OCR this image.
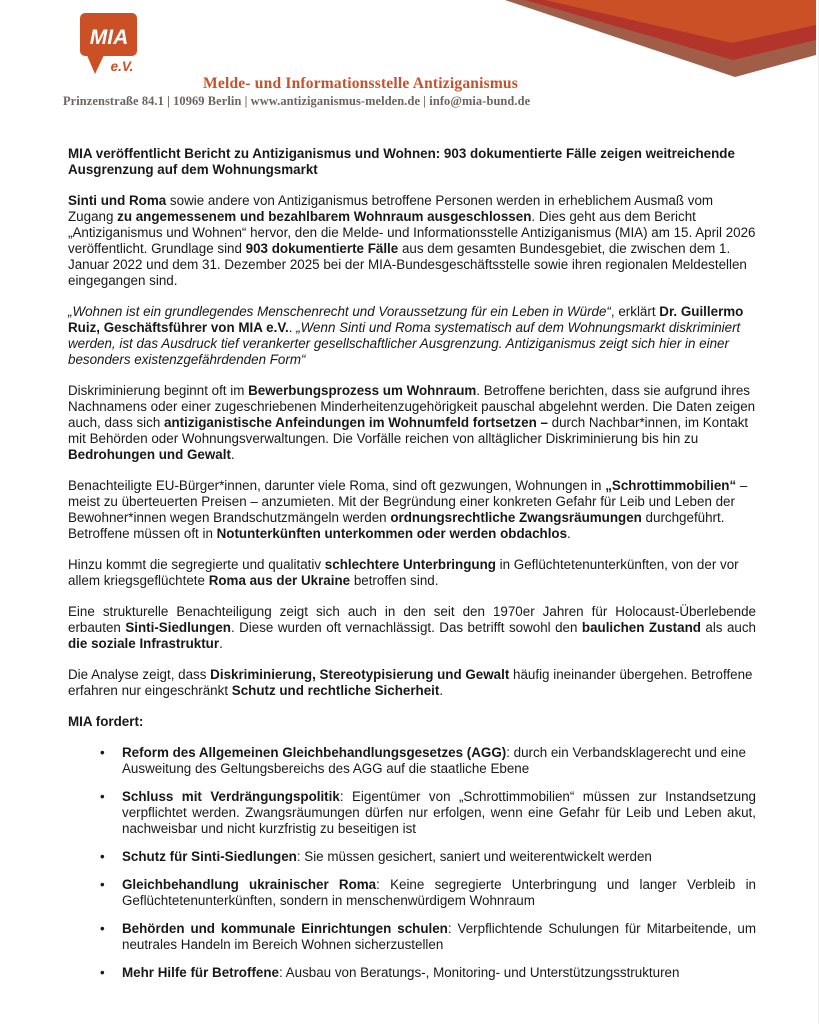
MIA
e.V.
Melde- und Informationsstelle Antiziganismus
Prinzenstraße 84.1 | 10969 Berlin | www.antiziganismus-melden.de | info@mia-bund.de

MIA veröffentlicht Bericht zu Antiziganismus und Wohnen: 903 dokumentierte Fälle zeigen weitreichende Ausgrenzung auf dem Wohnungsmarkt

Sinti und Roma sowie andere von Antiziganismus betroffene Personen werden in erheblichem Ausmaß vom Zugang zu angemessenem und bezahlbarem Wohnraum ausgeschlossen. Dies geht aus dem Bericht „Antiziganismus und Wohnen“ hervor, den die Melde- und Informationsstelle Antiziganismus (MIA) am 15. April 2026 veröffentlicht. Grundlage sind 903 dokumentierte Fälle aus dem gesamten Bundesgebiet, die zwischen dem 1. Januar 2022 und dem 31. Dezember 2025 bei der MIA-Bundesgeschäftsstelle sowie ihren regionalen Meldestellen eingegangen sind.

„Wohnen ist ein grundlegendes Menschenrecht und Voraussetzung für ein Leben in Würde“, erklärt Dr. Guillermo Ruiz, Geschäftsführer von MIA e.V.. „Wenn Sinti und Roma systematisch auf dem Wohnungsmarkt diskriminiert werden, ist das Ausdruck tief verankerter gesellschaftlicher Ausgrenzung. Antiziganismus zeigt sich hier in einer besonders existenzgefährdenden Form“

Diskriminierung beginnt oft im Bewerbungsprozess um Wohnraum. Betroffene berichten, dass sie aufgrund ihres Nachnamens oder einer zugeschriebenen Minderheitenzugehörigkeit pauschal abgelehnt werden. Die Daten zeigen auch, dass sich antiziganistische Anfeindungen im Wohnumfeld fortsetzen – durch Nachbar*innen, im Kontakt mit Behörden oder Wohnungsverwaltungen. Die Vorfälle reichen von alltäglicher Diskriminierung bis hin zu Bedrohungen und Gewalt.

Benachteiligte EU-Bürger*innen, darunter viele Roma, sind oft gezwungen, Wohnungen in „Schrottimmobilien“ – meist zu überteuerten Preisen – anzumieten. Mit der Begründung einer konkreten Gefahr für Leib und Leben der Bewohner*innen wegen Brandschutzmängeln werden ordnungsrechtliche Zwangsräumungen durchgeführt. Betroffene müssen oft in Notunterkünften unterkommen oder werden obdachlos.

Hinzu kommt die segregierte und qualitativ schlechtere Unterbringung in Geflüchtetenunterkünften, von der vor allem kriegsgeflüchtete Roma aus der Ukraine betroffen sind.

Eine strukturelle Benachteiligung zeigt sich auch in den seit den 1970er Jahren für Holocaust-Überlebende erbauten Sinti-Siedlungen. Diese wurden oft vernachlässigt. Das betrifft sowohl den baulichen Zustand als auch die soziale Infrastruktur.

Die Analyse zeigt, dass Diskriminierung, Stereotypisierung und Gewalt häufig ineinander übergehen. Betroffene erfahren nur eingeschränkt Schutz und rechtliche Sicherheit.

MIA fordert:

• Reform des Allgemeinen Gleichbehandlungsgesetzes (AGG): durch ein Verbandsklagerecht und eine Ausweitung des Geltungsbereichs des AGG auf die staatliche Ebene
• Schluss mit Verdrängungspolitik: Eigentümer von „Schrottimmobilien“ müssen zur Instandsetzung verpflichtet werden. Zwangsräumungen dürfen nur erfolgen, wenn eine Gefahr für Leib und Leben akut, nachweisbar und nicht kurzfristig zu beseitigen ist
• Schutz für Sinti-Siedlungen: Sie müssen gesichert, saniert und weiterentwickelt werden
• Gleichbehandlung ukrainischer Roma: Keine segregierte Unterbringung und langer Verbleib in Geflüchtetenunterkünften, sondern in menschenwürdigem Wohnraum
• Behörden und kommunale Einrichtungen schulen: Verpflichtende Schulungen für Mitarbeitende, um neutrales Handeln im Bereich Wohnen sicherzustellen
• Mehr Hilfe für Betroffene: Ausbau von Beratungs-, Monitoring- und Unterstützungsstrukturen
